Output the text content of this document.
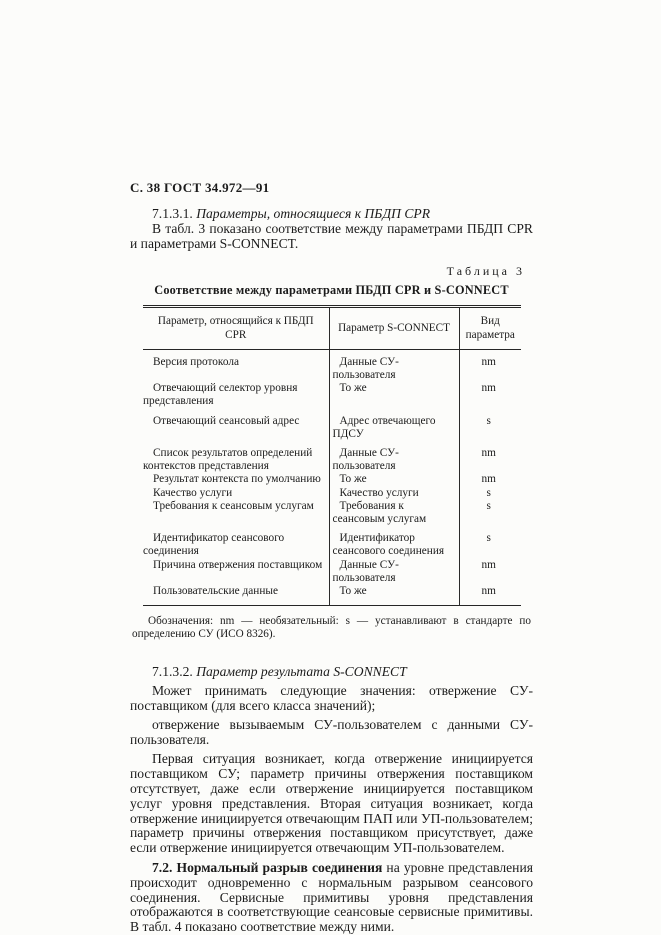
С. 38 ГОСТ 34.972—91

7.1.3.1. Параметры, относящиеся к ПБДП CPR

В табл. 3 показано соответствие между параметрами ПБДП CPR и параметрами S-CONNECT.

Таблица 3
Соответствие между параметрами ПБДП CPR и S-CONNECT
Параметр, относящийся к ПБДП CPR	Параметр S-CONNECT	Вид параметра
Версия протокола	Данные СУ-пользователя	nm
Отвечающий селектор уровня представления	То же	nm
Отвечающий сеансовый адрес	Адрес отвечающего ПДСУ	s
Список результатов определений контекстов представления	Данные СУ-пользователя	nm
Результат контекста по умолчанию	То же	nm
Качество услуги	Качество услуги	s
Требования к сеансовым услугам	Требования к сеансовым услугам	s
Идентификатор сеансового соединения	Идентификатор сеансового соединения	s
Причина отвержения поставщиком	Данные СУ-пользователя	nm
Пользовательские данные	То же	nm

Обозначения: nm — необязательный: s — устанавливают в стандарте по определению СУ (ИСО 8326).

7.1.3.2. Параметр результата S-CONNECT

Может принимать следующие значения: отвержение СУ-поставщиком (для всего класса значений);

отвержение вызываемым СУ-пользователем с данными СУ-пользователя.

Первая ситуация возникает, когда отвержение инициируется поставщиком СУ; параметр причины отвержения поставщиком отсутствует, даже если отвержение инициируется поставщиком услуг уровня представления. Вторая ситуация возникает, когда отвержение инициируется отвечающим ПАП или УП-пользователем; параметр причины отвержения поставщиком присутствует, даже если отвержение инициируется отвечающим УП-пользователем.

7.2. Нормальный разрыв соединения на уровне представления происходит одновременно с нормальным разрывом сеансового соединения. Сервисные примитивы уровня представления отображаются в соответствующие сеансовые сервисные примитивы. В табл. 4 показано соответствие между ними.
